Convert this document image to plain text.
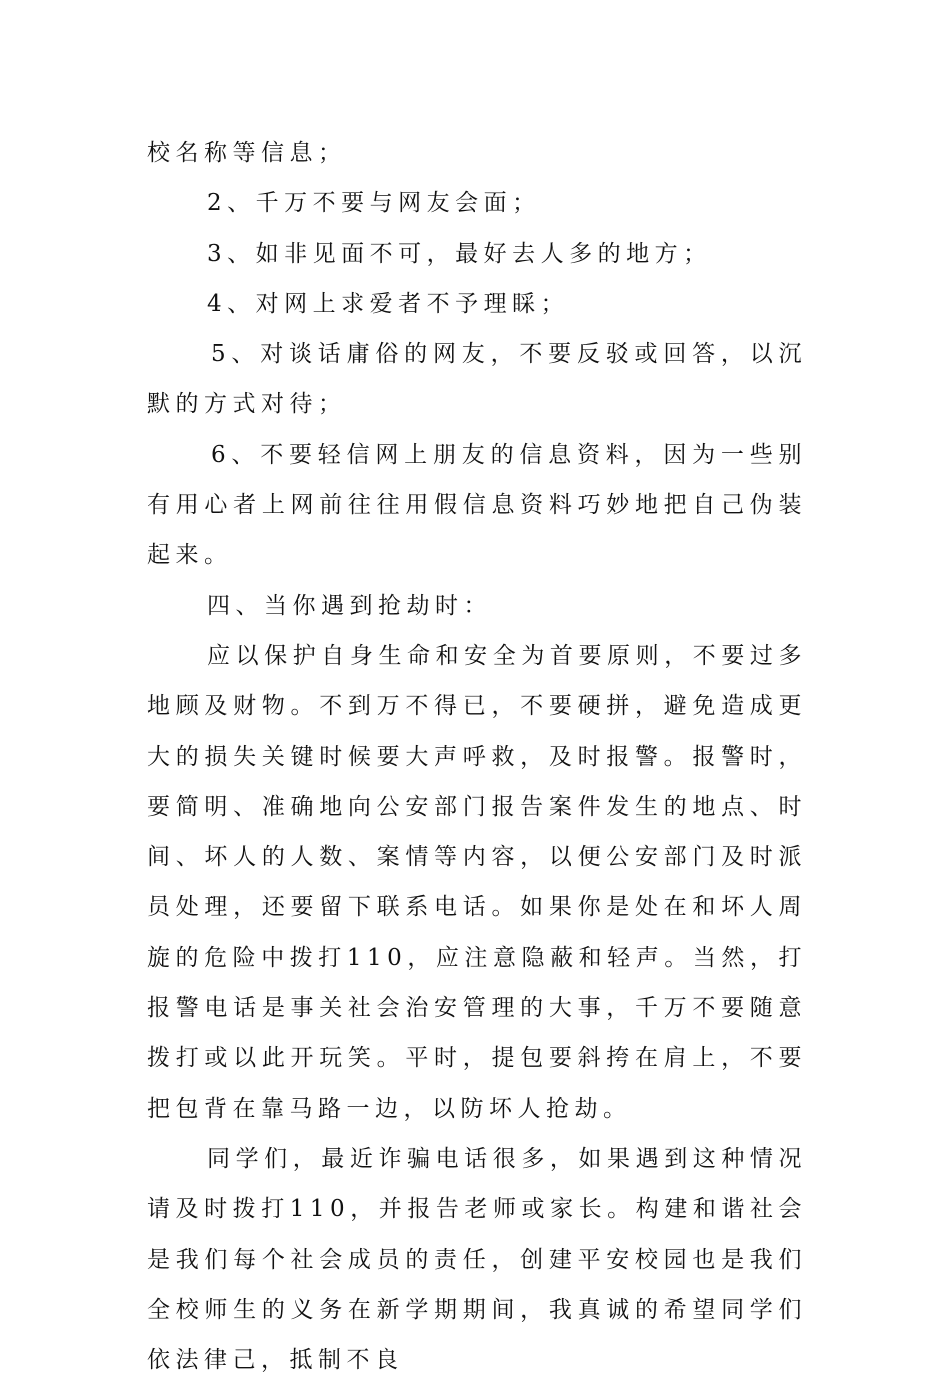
校名称等信息；

2、千万不要与网友会面；

3、如非见面不可，最好去人多的地方；

4、对网上求爱者不予理睬；

5、对谈话庸俗的网友，不要反驳或回答，以沉默的方式对待；

6、不要轻信网上朋友的信息资料，因为一些别有用心者上网前往往用假信息资料巧妙地把自己伪装起来。

四、当你遇到抢劫时：

应以保护自身生命和安全为首要原则，不要过多地顾及财物。不到万不得已，不要硬拼，避免造成更大的损失关键时候要大声呼救，及时报警。报警时，要简明、准确地向公安部门报告案件发生的地点、时间、坏人的人数、案情等内容，以便公安部门及时派员处理，还要留下联系电话。如果你是处在和坏人周旋的危险中拨打110，应注意隐蔽和轻声。当然，打报警电话是事关社会治安管理的大事，千万不要随意拨打或以此开玩笑。平时，提包要斜挎在肩上，不要把包背在靠马路一边，以防坏人抢劫。

同学们，最近诈骗电话很多，如果遇到这种情况请及时拨打110，并报告老师或家长。构建和谐社会是我们每个社会成员的责任，创建平安校园也是我们全校师生的义务在新学期期间，我真诚的希望同学们依法律己，抵制不良
